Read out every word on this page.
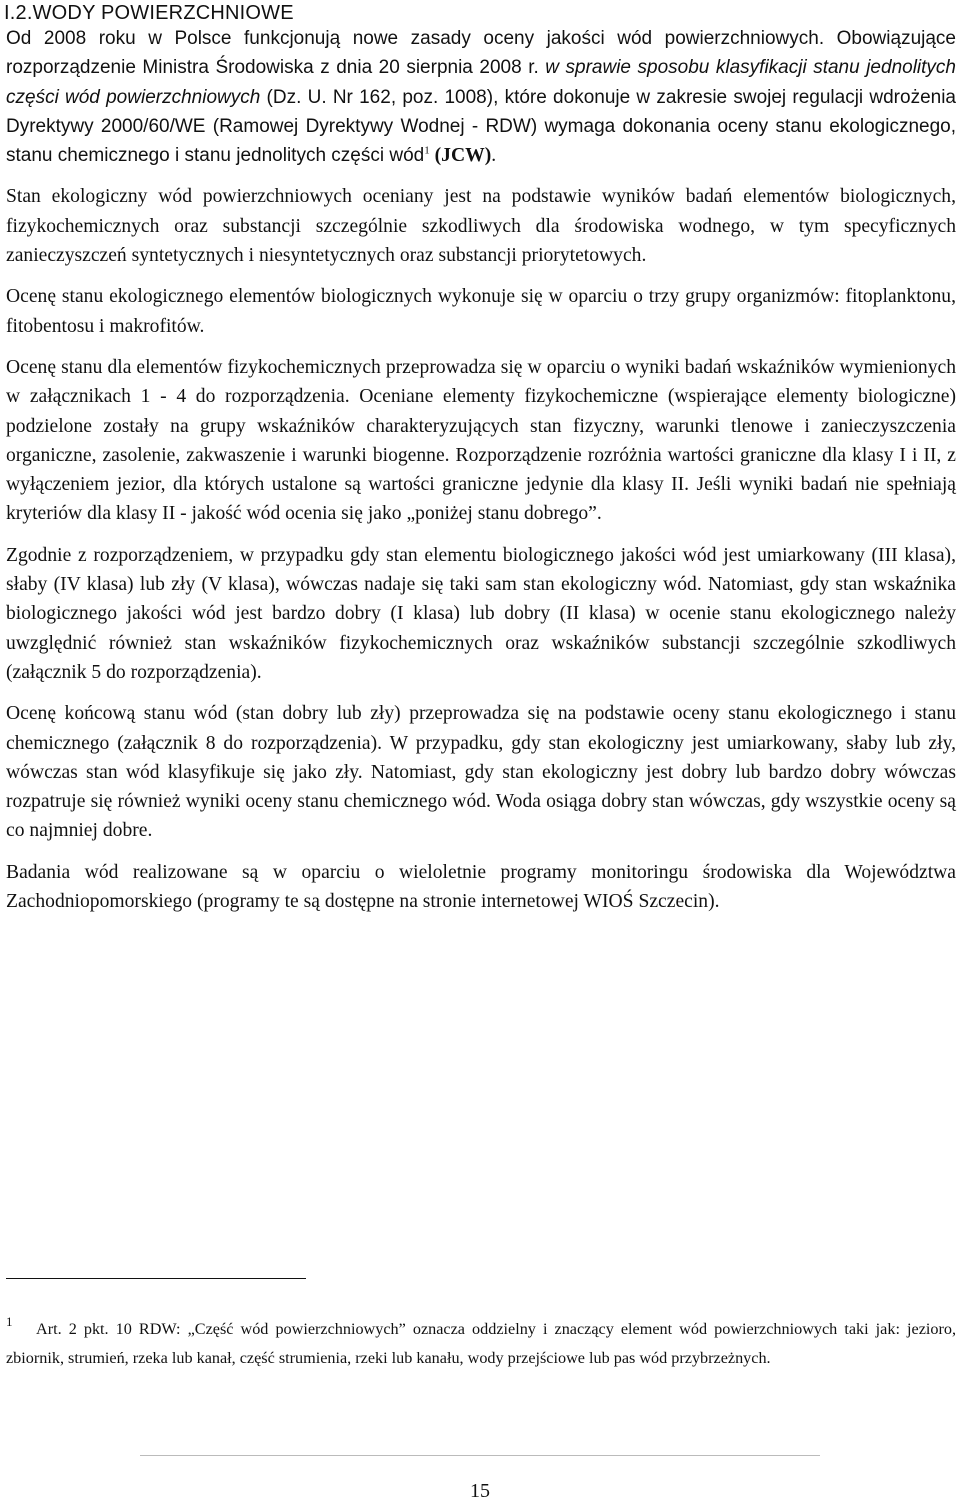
I.2.WODY POWIERZCHNIOWE

Od 2008 roku w Polsce funkcjonują nowe zasady oceny jakości wód powierzchniowych. Obowiązujące rozporządzenie Ministra Środowiska z dnia 20 sierpnia 2008 r. w sprawie sposobu klasyfikacji stanu jednolitych części wód powierzchniowych (Dz. U. Nr 162, poz. 1008), które dokonuje w zakresie swojej regulacji wdrożenia Dyrektywy 2000/60/WE (Ramowej Dyrektywy Wodnej - RDW) wymaga dokonania oceny stanu ekologicznego, stanu chemicznego i stanu jednolitych części wód$^1$ (JCW).

Stan ekologiczny wód powierzchniowych oceniany jest na podstawie wyników badań elementów biologicznych, fizykochemicznych oraz substancji szczególnie szkodliwych dla środowiska wodnego, w tym specyficznych zanieczyszczeń syntetycznych i niesyntetycznych oraz substancji priorytetowych.

Ocenę stanu ekologicznego elementów biologicznych wykonuje się w oparciu o trzy grupy organizmów: fitoplanktonu, fitobentosu i makrofitów.

Ocenę stanu dla elementów fizykochemicznych przeprowadza się w oparciu o wyniki badań wskaźników wymienionych w załącznikach 1 - 4 do rozporządzenia. Oceniane elementy fizykochemiczne (wspierające elementy biologiczne) podzielone zostały na grupy wskaźników charakteryzujących stan fizyczny, warunki tlenowe i zanieczyszczenia organiczne, zasolenie, zakwaszenie i warunki biogenne. Rozporządzenie rozróżnia wartości graniczne dla klasy I i II, z wyłączeniem jezior, dla których ustalone są wartości graniczne jedynie dla klasy II. Jeśli wyniki badań nie spełniają kryteriów dla klasy II - jakość wód ocenia się jako „poniżej stanu dobrego”.

Zgodnie z rozporządzeniem, w przypadku gdy stan elementu biologicznego jakości wód jest umiarkowany (III klasa), słaby (IV klasa) lub zły (V klasa), wówczas nadaje się taki sam stan ekologiczny wód. Natomiast, gdy stan wskaźnika biologicznego jakości wód jest bardzo dobry (I klasa) lub dobry (II klasa) w ocenie stanu ekologicznego należy uwzględnić również stan wskaźników fizykochemicznych oraz wskaźników substancji szczególnie szkodliwych (załącznik 5 do rozporządzenia).

Ocenę końcową stanu wód (stan dobry lub zły) przeprowadza się na podstawie oceny stanu ekologicznego i stanu chemicznego (załącznik 8 do rozporządzenia). W przypadku, gdy stan ekologiczny jest umiarkowany, słaby lub zły, wówczas stan wód klasyfikuje się jako zły. Natomiast, gdy stan ekologiczny jest dobry lub bardzo dobry wówczas rozpatruje się również wyniki oceny stanu chemicznego wód. Woda osiąga dobry stan wówczas, gdy wszystkie oceny są co najmniej dobre.

Badania wód realizowane są w oparciu o wieloletnie programy monitoringu środowiska dla Województwa Zachodniopomorskiego (programy te są dostępne na stronie internetowej WIOŚ Szczecin).

1	Art. 2 pkt. 10 RDW: „Część wód powierzchniowych” oznacza oddzielny i znaczący element wód powierzchniowych taki jak: jezioro, zbiornik, strumień, rzeka lub kanał, część strumienia, rzeki lub kanału, wody przejściowe lub pas wód przybrzeżnych.

15
